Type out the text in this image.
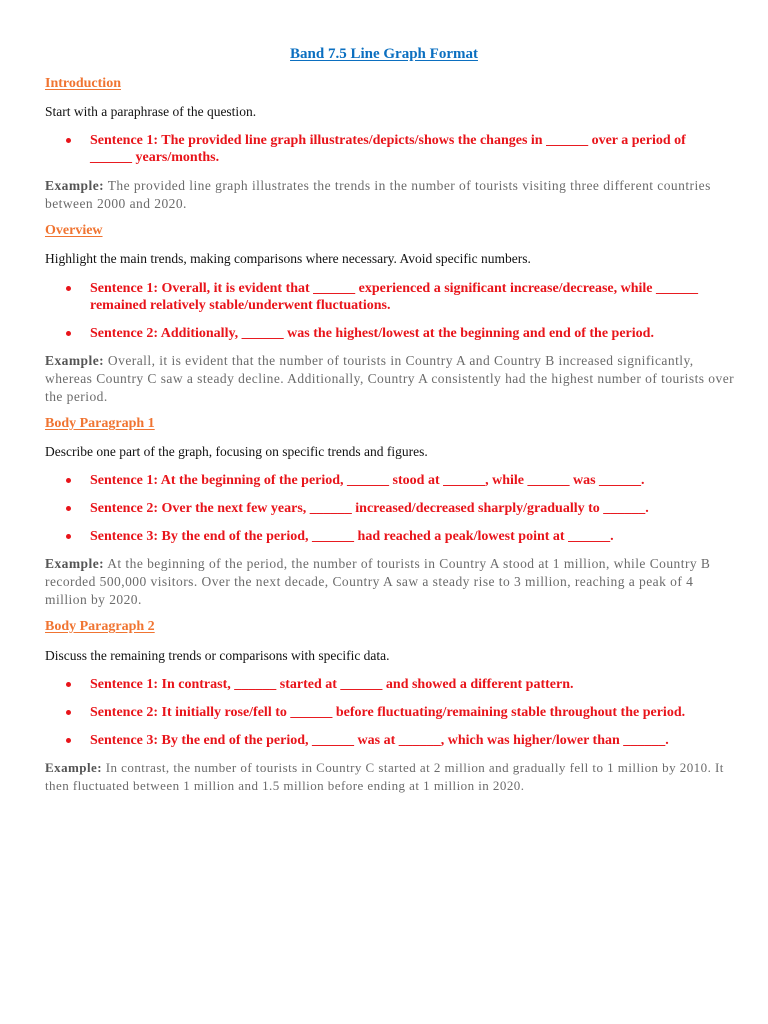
Band 7.5 Line Graph Format
Introduction
Start with a paraphrase of the question.
Sentence 1: The provided line graph illustrates/depicts/shows the changes in ______ over a period of ______ years/months.
Example: The provided line graph illustrates the trends in the number of tourists visiting three different countries between 2000 and 2020.
Overview
Highlight the main trends, making comparisons where necessary. Avoid specific numbers.
Sentence 1: Overall, it is evident that ______ experienced a significant increase/decrease, while ______ remained relatively stable/underwent fluctuations.
Sentence 2: Additionally, ______ was the highest/lowest at the beginning and end of the period.
Example: Overall, it is evident that the number of tourists in Country A and Country B increased significantly, whereas Country C saw a steady decline. Additionally, Country A consistently had the highest number of tourists over the period.
Body Paragraph 1
Describe one part of the graph, focusing on specific trends and figures.
Sentence 1: At the beginning of the period, ______ stood at ______, while ______ was ______.
Sentence 2: Over the next few years, ______ increased/decreased sharply/gradually to ______.
Sentence 3: By the end of the period, ______ had reached a peak/lowest point at ______.
Example: At the beginning of the period, the number of tourists in Country A stood at 1 million, while Country B recorded 500,000 visitors. Over the next decade, Country A saw a steady rise to 3 million, reaching a peak of 4 million by 2020.
Body Paragraph 2
Discuss the remaining trends or comparisons with specific data.
Sentence 1: In contrast, ______ started at ______ and showed a different pattern.
Sentence 2: It initially rose/fell to ______ before fluctuating/remaining stable throughout the period.
Sentence 3: By the end of the period, ______ was at ______, which was higher/lower than ______.
Example: In contrast, the number of tourists in Country C started at 2 million and gradually fell to 1 million by 2010. It then fluctuated between 1 million and 1.5 million before ending at 1 million in 2020.
